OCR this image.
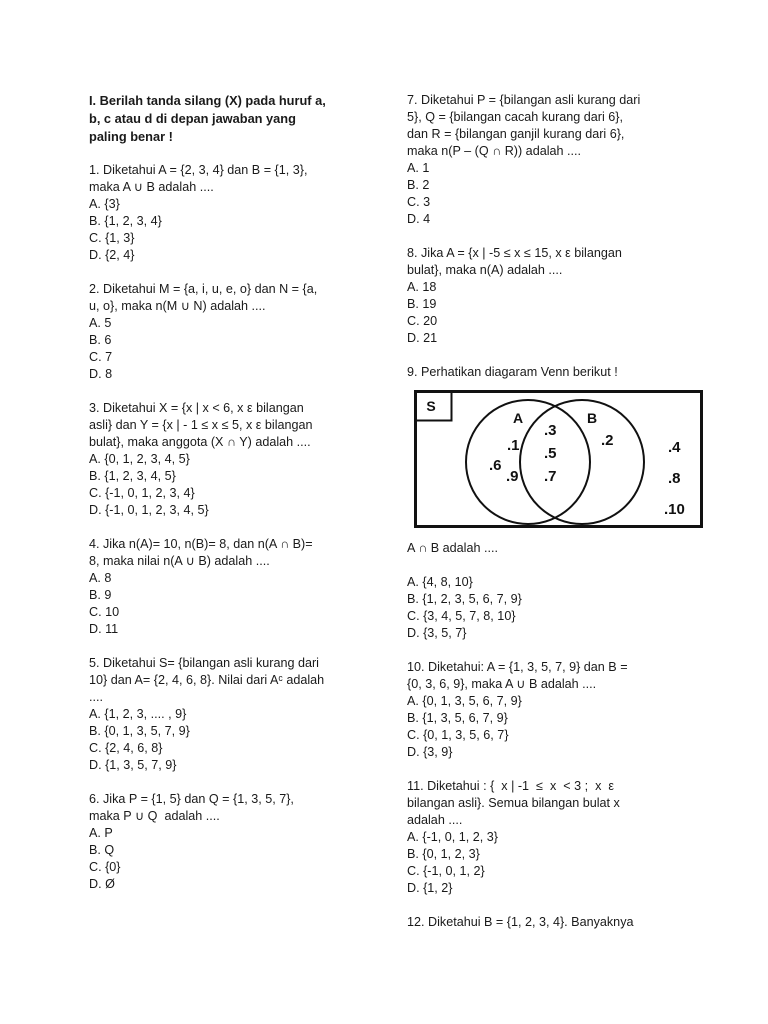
I. Berilah tanda silang (X) pada huruf a,
b, c atau d di depan jawaban yang
paling benar !
1. Diketahui A = {2, 3, 4} dan B = {1, 3},
maka A ∪ B adalah ....
A. {3}
B. {1, 2, 3, 4}
C. {1, 3}
D. {2, 4}
2. Diketahui M = {a, i, u, e, o} dan N = {a,
u, o}, maka n(M ∪ N) adalah ....
A. 5
B. 6
C. 7
D. 8
3. Diketahui X = {x | x < 6, x ε bilangan
asli} dan Y = {x | - 1 ≤ x ≤ 5, x ε bilangan
bulat}, maka anggota (X ∩ Y) adalah ....
A. {0, 1, 2, 3, 4, 5}
B. {1, 2, 3, 4, 5}
C. {-1, 0, 1, 2, 3, 4}
D. {-1, 0, 1, 2, 3, 4, 5}
4. Jika n(A)= 10, n(B)= 8, dan n(A ∩ B)=
8, maka nilai n(A ∪ B) adalah ....
A. 8
B. 9
C. 10
D. 11
5. Diketahui S= {bilangan asli kurang dari
10} dan A= {2, 4, 6, 8}. Nilai dari Aᶜ adalah
....
A. {1, 2, 3, .... , 9}
B. {0, 1, 3, 5, 7, 9}
C. {2, 4, 6, 8}
D. {1, 3, 5, 7, 9}
6. Jika P = {1, 5} dan Q = {1, 3, 5, 7},
maka P ∪ Q  adalah ....
A. P
B. Q
C. {0}
D. Ø
7. Diketahui P = {bilangan asli kurang dari
5}, Q = {bilangan cacah kurang dari 6},
dan R = {bilangan ganjil kurang dari 6},
maka n(P – (Q ∩ R)) adalah ....
A. 1
B. 2
C. 3
D. 4
8. Jika A = {x | -5 ≤ x ≤ 15, x ε bilangan
bulat}, maka n(A) adalah ....
A. 18
B. 19
C. 20
D. 21
9. Perhatikan diagaram Venn berikut !
S
A	B
.1
.6
.9
.3
.5
.7
.2	.4
.8
.10
A ∩ B adalah ....
A. {4, 8, 10}
B. {1, 2, 3, 5, 6, 7, 9}
C. {3, 4, 5, 7, 8, 10}
D. {3, 5, 7}
10. Diketahui: A = {1, 3, 5, 7, 9} dan B =
{0, 3, 6, 9}, maka A ∪ B adalah ....
A. {0, 1, 3, 5, 6, 7, 9}
B. {1, 3, 5, 6, 7, 9}
C. {0, 1, 3, 5, 6, 7}
D. {3, 9}
11. Diketahui : {  x | -1  ≤  x  < 3 ;  x  ε
bilangan asli}. Semua bilangan bulat x
adalah ....
A. {-1, 0, 1, 2, 3}
B. {0, 1, 2, 3}
C. {-1, 0, 1, 2}
D. {1, 2}
12. Diketahui B = {1, 2, 3, 4}. Banyaknya
